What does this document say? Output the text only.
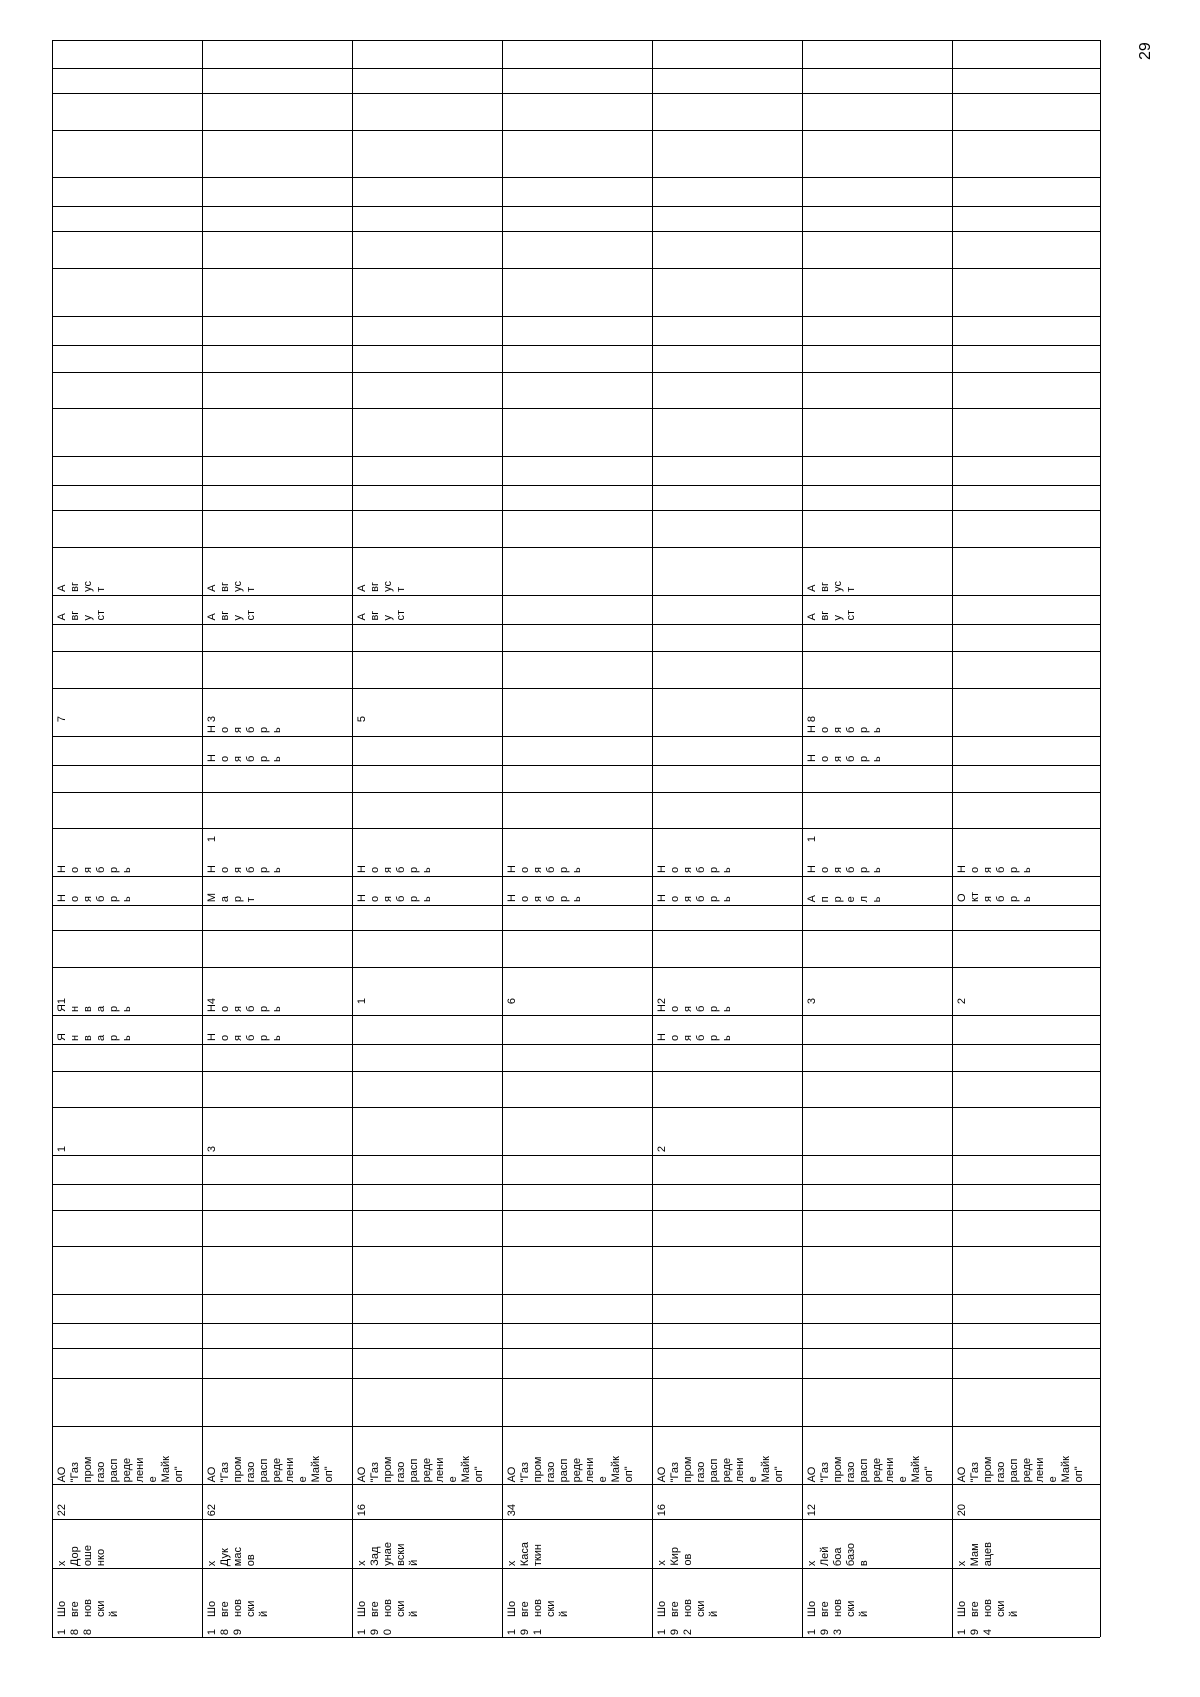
29
1
8
8
Шо
вге
нов
ски
й
х
Дор
оше
нко
22
АО
"Газ
пром
газо
расп
реде
лени
е
Майк
оп"
1
Я
н
в
а
р
ь
Я
н
в
а
р
ь
1
Н
о
я
б
р
ь
Н
о
я
б
р
ь
7
А
вг
у
ст
А
вг
ус
т
1
8
9
Шо
вге
нов
ски
й
х
Дук
мас
ов
62
АО
"Газ
пром
газо
расп
реде
лени
е
Майк
оп"
3
Н
о
я
б
р
ь
Н
о
я
б
р
ь
4
М
а
р
т
Н
о
я
б
р
ь
1
Н
о
я
б
р
ь
Н
о
я
б
р
ь
3
А
вг
у
ст
А
вг
ус
т
1
9
0
Шо
вге
нов
ски
й
х
Зад
унае
вски
й
16
АО
"Газ
пром
газо
расп
реде
лени
е
Майк
оп"
1
Н
о
я
б
р
ь
Н
о
я
б
р
ь
5
А
вг
у
ст
А
вг
ус
т
1
9
1
Шо
вге
нов
ски
й
х
Каса
ткин
34
АО
"Газ
пром
газо
расп
реде
лени
е
Майк
оп"
6
Н
о
я
б
р
ь
Н
о
я
б
р
ь
1
9
2
Шо
вге
нов
ски
й
х
Кир
ов
16
АО
"Газ
пром
газо
расп
реде
лени
е
Майк
оп"
2
Н
о
я
б
р
ь
Н
о
я
б
р
ь
2
Н
о
я
б
р
ь
Н
о
я
б
р
ь
1
9
3
Шо
вге
нов
ски
й
х
Лей
боа
базо
в
12
АО
"Газ
пром
газо
расп
реде
лени
е
Майк
оп"
3
А
п
р
е
л
ь
Н
о
я
б
р
ь
1
Н
о
я
б
р
ь
Н
о
я
б
р
ь
8
А
вг
у
ст
А
вг
ус
т
1
9
4
Шо
вге
нов
ски
й
х
Мам
ацев
20
АО
"Газ
пром
газо
расп
реде
лени
е
Майк
оп"
2
О
кт
я
б
р
ь
Н
о
я
б
р
ь
